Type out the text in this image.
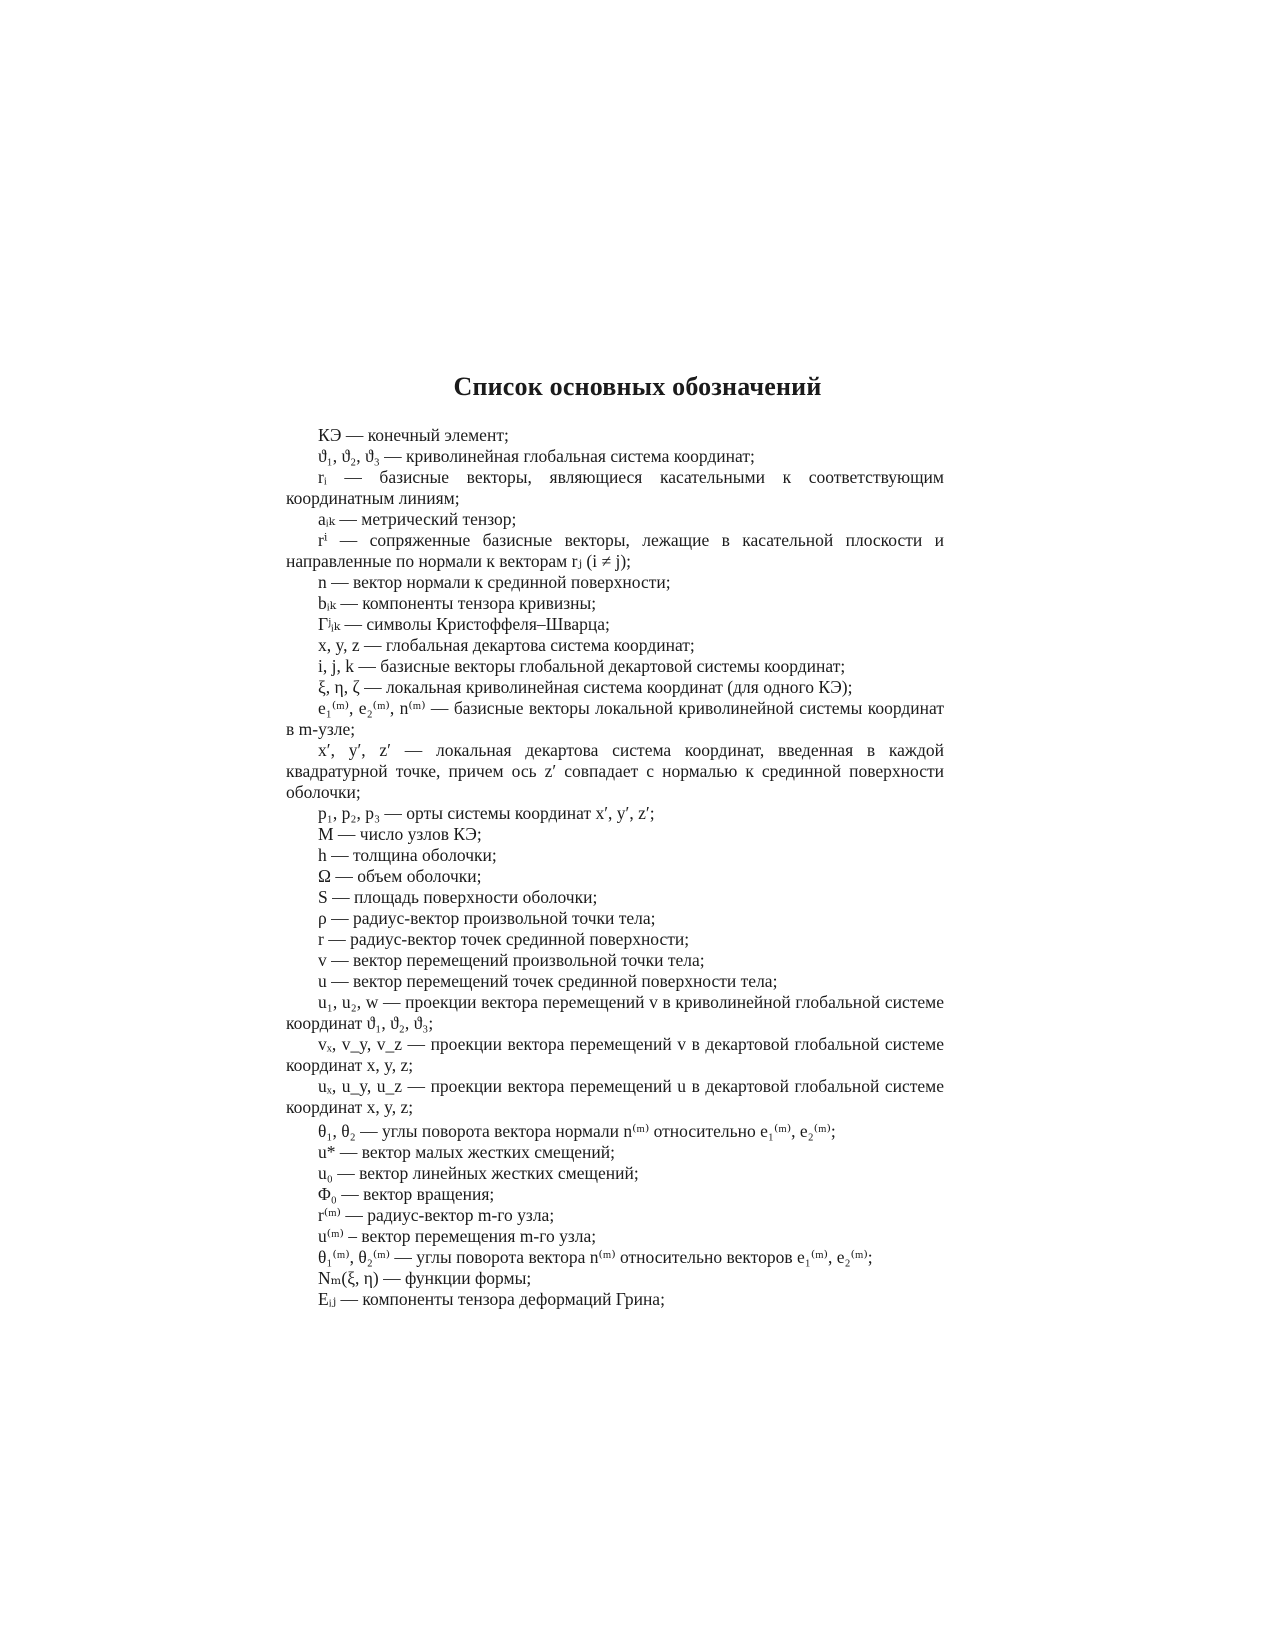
Список основных обозначений

КЭ — конечный элемент;

ϑ₁, ϑ₂, ϑ₃ — криволинейная глобальная система координат;

rᵢ — базисные векторы, являющиеся касательными к соответствующим координатным линиям;

aᵢₖ — метрический тензор;

rⁱ — сопряженные базисные векторы, лежащие в касательной плоскости и направленные по нормали к векторам rⱼ (i ≠ j);

n — вектор нормали к срединной поверхности;

bᵢₖ — компоненты тензора кривизны;

Γʲᵢₖ — символы Кристоффеля–Шварца;

x, y, z — глобальная декартова система координат;

i, j, k — базисные векторы глобальной декартовой системы координат;

ξ, η, ζ — локальная криволинейная система координат (для одного КЭ);

e₁⁽ᵐ⁾, e₂⁽ᵐ⁾, n⁽ᵐ⁾ — базисные векторы локальной криволинейной системы координат в m-узле;

x′, y′, z′ — локальная декартова система координат, введенная в каждой квадратурной точке, причем ось z′ совпадает с нормалью к срединной поверхности оболочки;

p₁, p₂, p₃ — орты системы координат x′, y′, z′;

M — число узлов КЭ;

h — толщина оболочки;

Ω — объем оболочки;

S — площадь поверхности оболочки;

ρ — радиус-вектор произвольной точки тела;

r — радиус-вектор точек срединной поверхности;

v — вектор перемещений произвольной точки тела;

u — вектор перемещений точек срединной поверхности тела;

u₁, u₂, w — проекции вектора перемещений v в криволинейной глобальной системе координат ϑ₁, ϑ₂, ϑ₃;

vₓ, v_y, v_z — проекции вектора перемещений v в декартовой глобальной системе координат x, y, z;

uₓ, u_y, u_z — проекции вектора перемещений u в декартовой глобальной системе координат x, y, z;

θ₁, θ₂ — углы поворота вектора нормали n⁽ᵐ⁾ относительно e₁⁽ᵐ⁾, e₂⁽ᵐ⁾;

u* — вектор малых жестких смещений;

u₀ — вектор линейных жестких смещений;

Φ₀ — вектор вращения;

r⁽ᵐ⁾ — радиус-вектор m-го узла;

u⁽ᵐ⁾ – вектор перемещения m-го узла;

θ₁⁽ᵐ⁾, θ₂⁽ᵐ⁾ — углы поворота вектора n⁽ᵐ⁾ относительно векторов e₁⁽ᵐ⁾, e₂⁽ᵐ⁾;

Nₘ(ξ, η) — функции формы;

Eᵢⱼ — компоненты тензора деформаций Грина;
